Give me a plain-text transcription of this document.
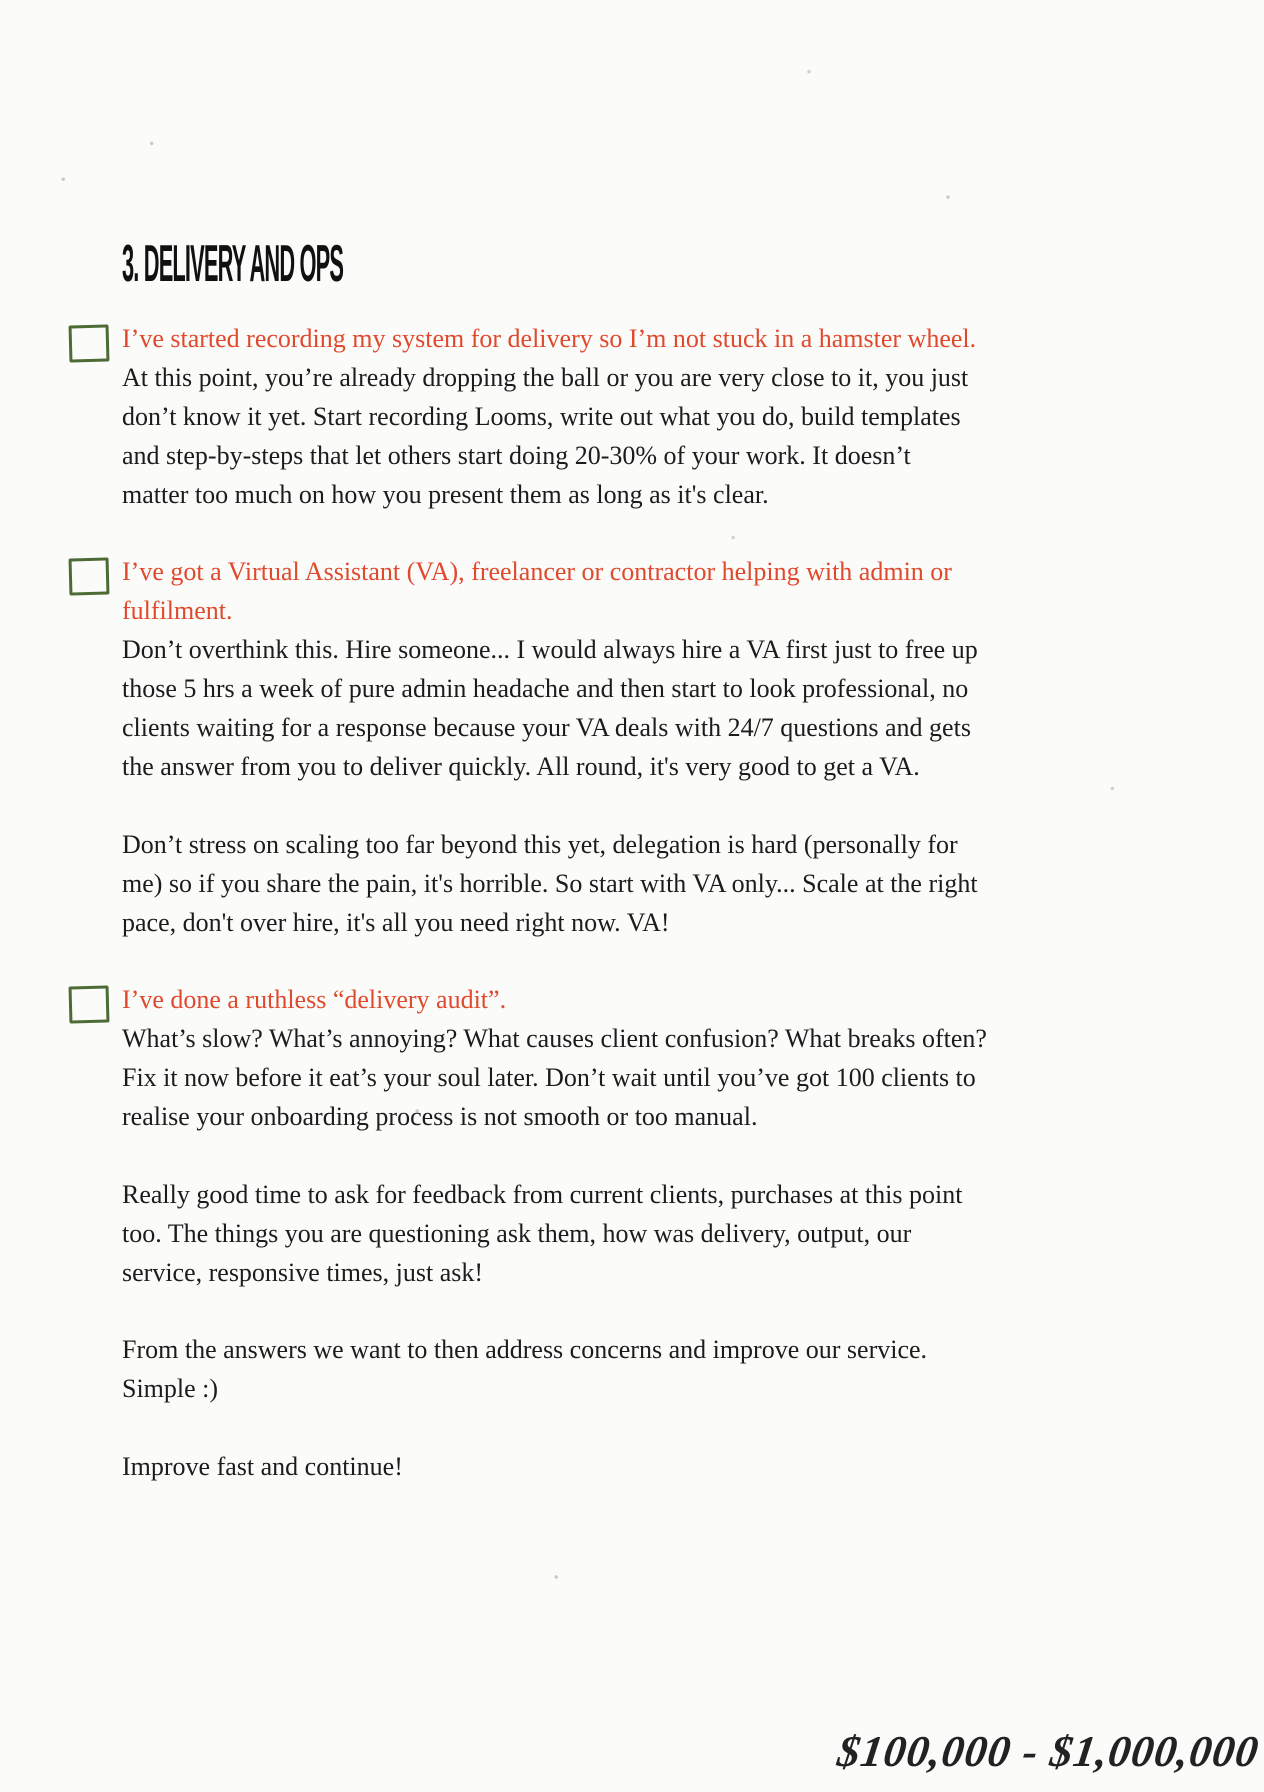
3. DELIVERY AND OPS
I’ve started recording my system for delivery so I’m not stuck in a hamster wheel.
At this point, you’re already dropping the ball or you are very close to it, you just
don’t know it yet. Start recording Looms, write out what you do, build templates
and step-by-steps that let others start doing 20-30% of your work. It doesn’t
matter too much on how you present them as long as it's clear.
I’ve got a Virtual Assistant (VA), freelancer or contractor helping with admin or
fulfilment.
Don’t overthink this. Hire someone... I would always hire a VA first just to free up
those 5 hrs a week of pure admin headache and then start to look professional, no
clients waiting for a response because your VA deals with 24/7 questions and gets
the answer from you to deliver quickly. All round, it's very good to get a VA.
Don’t stress on scaling too far beyond this yet, delegation is hard (personally for
me) so if you share the pain, it's horrible. So start with VA only... Scale at the right
pace, don't over hire, it's all you need right now. VA!
I’ve done a ruthless “delivery audit”.
What’s slow? What’s annoying? What causes client confusion? What breaks often?
Fix it now before it eat’s your soul later. Don’t wait until you’ve got 100 clients to
realise your onboarding process is not smooth or too manual.
Really good time to ask for feedback from current clients, purchases at this point
too. The things you are questioning ask them, how was delivery, output, our
service, responsive times, just ask!
From the answers we want to then address concerns and improve our service.
Simple :)
Improve fast and continue!
$100,000 - $1,000,000
